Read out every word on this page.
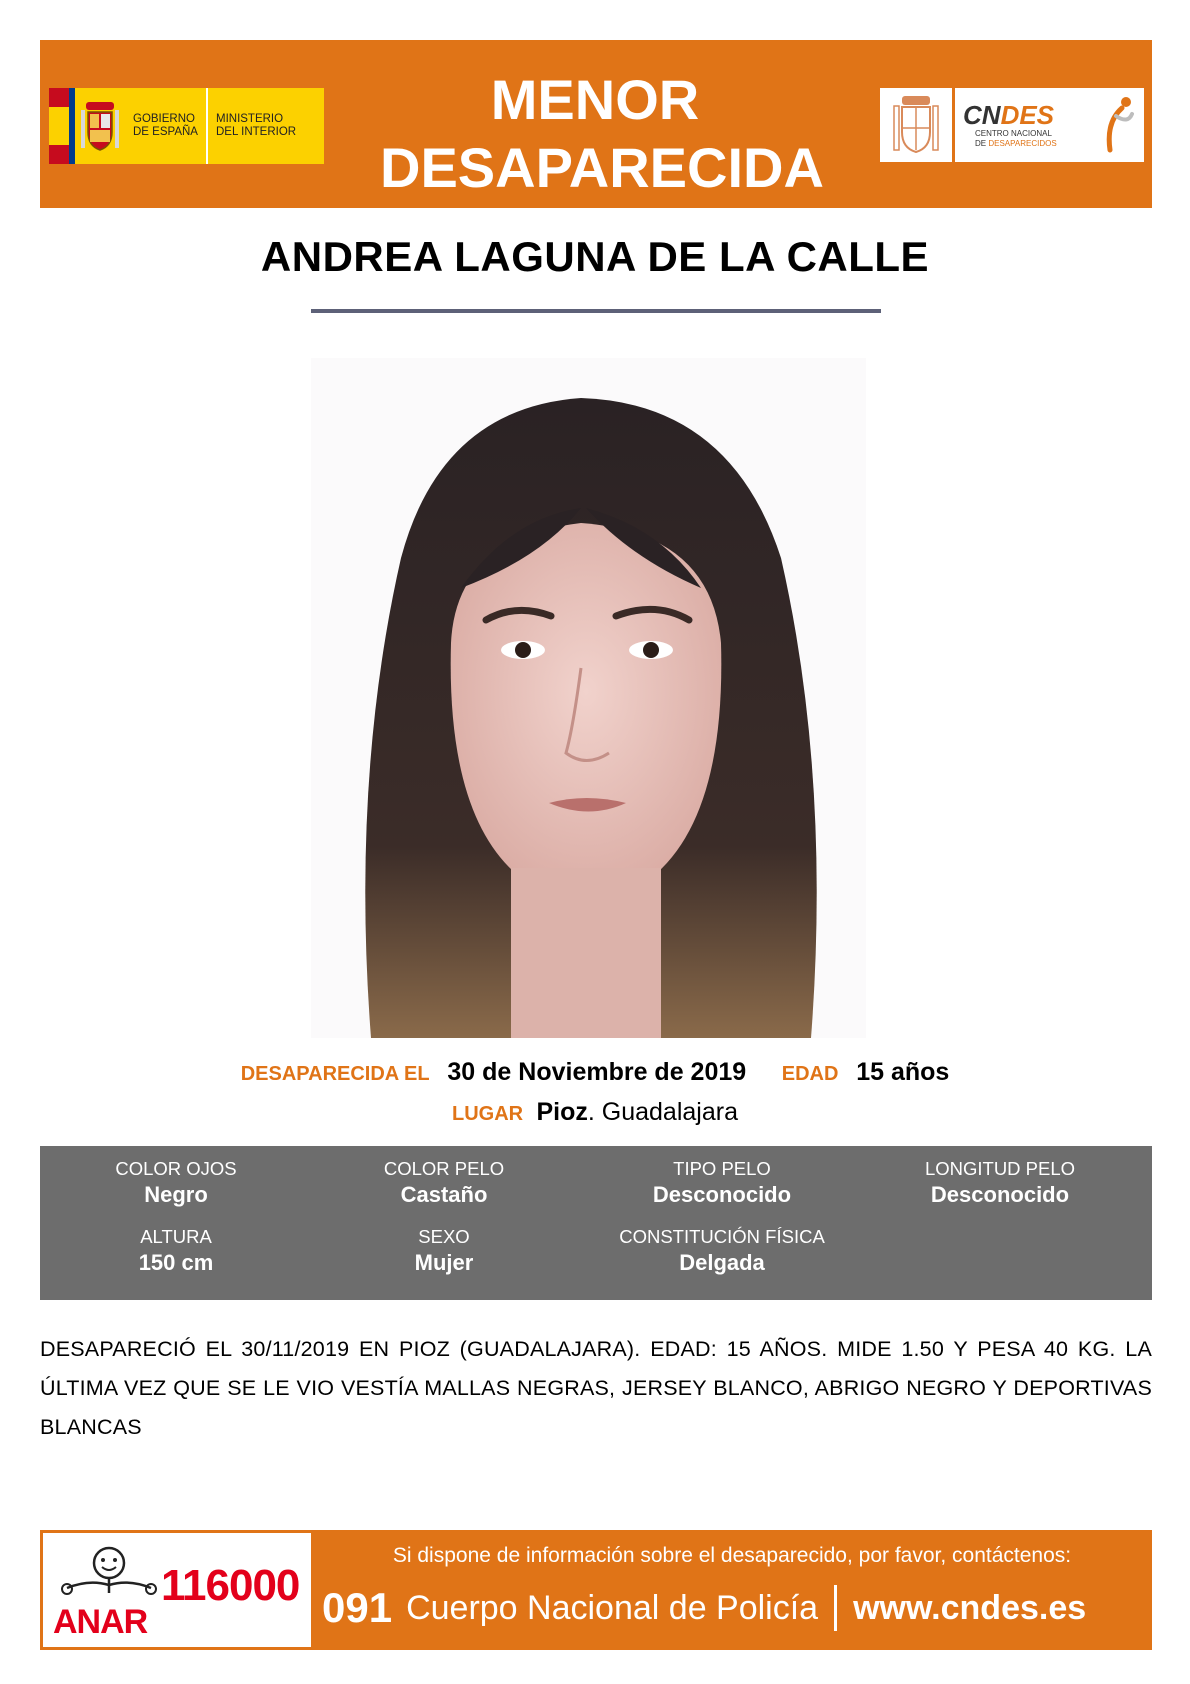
GOBIERNO
DE ESPAÑA
MINISTERIO
DEL INTERIOR
MENOR
DESAPARECIDA
CNDES
CENTRO NACIONAL
DE DESAPARECIDOS
ANDREA LAGUNA DE LA CALLE
DESAPARECIDA EL 30 de Noviembre de 2019 EDAD 15 años
LUGAR Pioz. Guadalajara
COLOR OJOS
Negro
COLOR PELO
Castaño
TIPO PELO
Desconocido
LONGITUD PELO
Desconocido
ALTURA
150 cm
SEXO
Mujer
CONSTITUCIÓN FÍSICA
Delgada
DESAPARECIÓ EL 30/11/2019 EN PIOZ (GUADALAJARA). EDAD: 15 AÑOS. MIDE 1.50 Y PESA 40 KG. LA ÚLTIMA VEZ QUE SE LE VIO VESTÍA MALLAS NEGRAS, JERSEY BLANCO, ABRIGO NEGRO Y DEPORTIVAS BLANCAS
ANAR
116000
Si dispone de información sobre el desaparecido, por favor, contáctenos:
091 Cuerpo Nacional de Policía www.cndes.es
